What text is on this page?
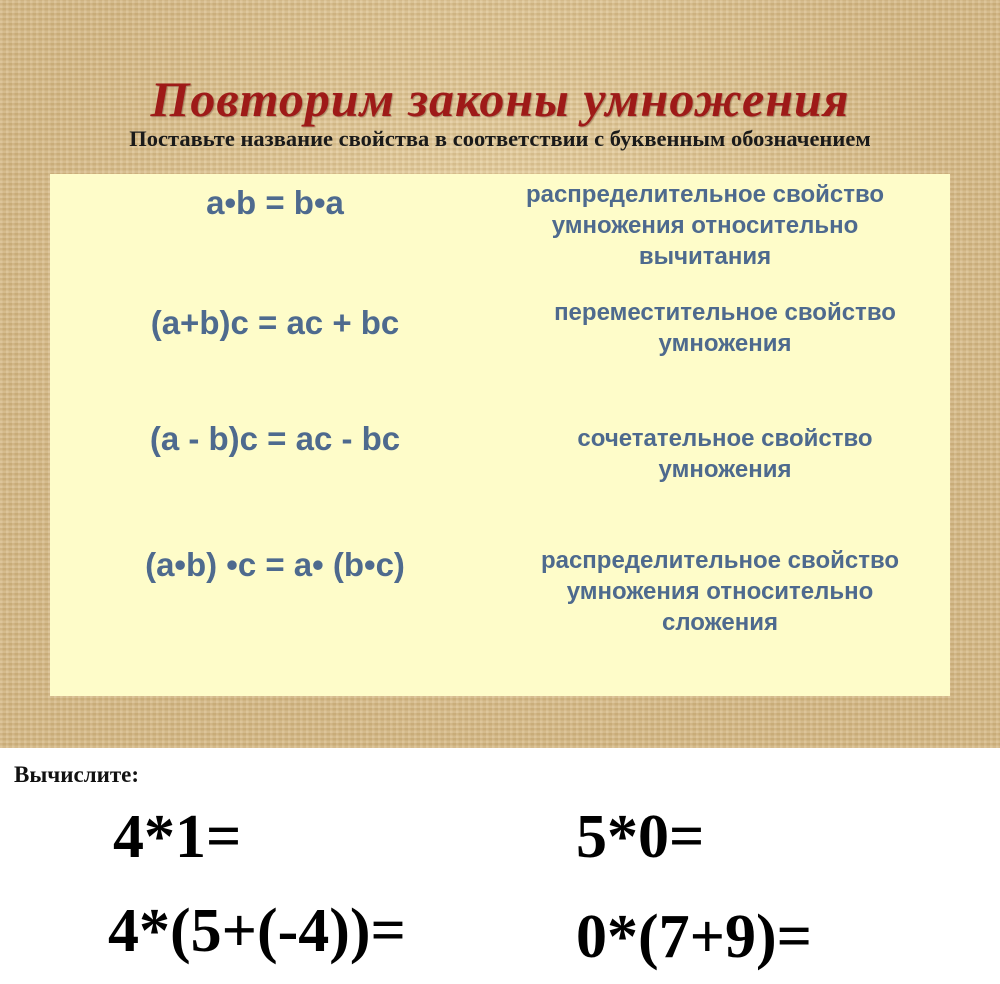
Повторим законы умножения
Поставьте название свойства в соответствии с буквенным обозначением
a•b = b•a
(a+b)c = ac + bc
(a - b)c = ac - bc
(a•b) •c = a• (b•c)
распределительное свойство
умножения относительно
вычитания
переместительное свойство
умножения
сочетательное свойство
умножения
распределительное свойство
умножения относительно
сложения
Вычислите:
4*1=	5*0=
4*(5+(-4))=	0*(7+9)=
